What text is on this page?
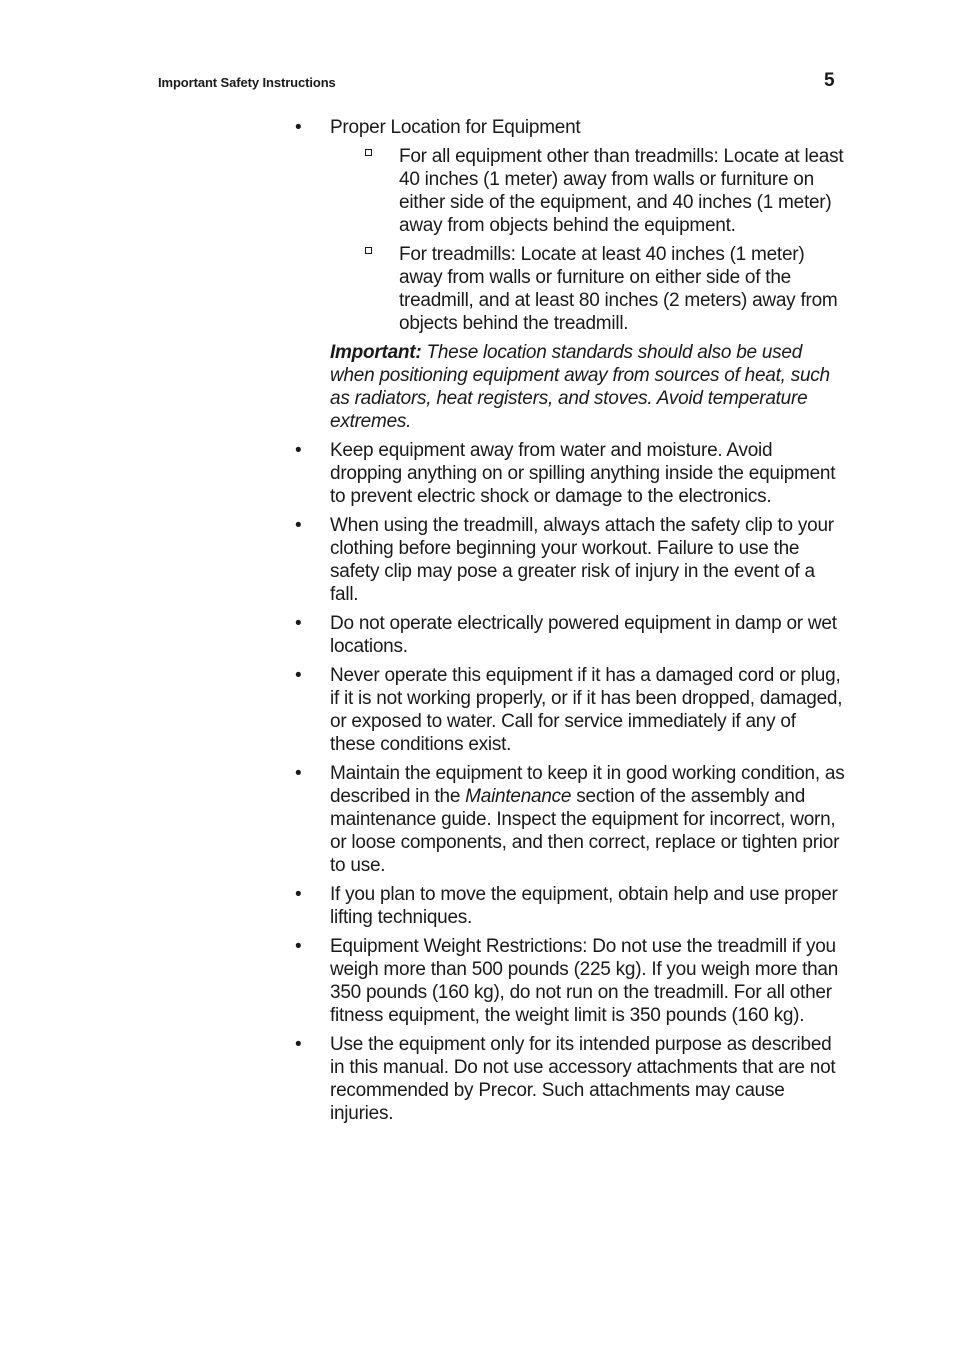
Important Safety Instructions	5
• Proper Location for Equipment
For all equipment other than treadmills: Locate at least 40 inches (1 meter) away from walls or furniture on either side of the equipment, and 40 inches (1 meter) away from objects behind the equipment.
For treadmills: Locate at least 40 inches (1 meter) away from walls or furniture on either side of the treadmill, and at least 80 inches (2 meters) away from objects behind the treadmill.
Important: These location standards should also be used when positioning equipment away from sources of heat, such as radiators, heat registers, and stoves. Avoid temperature extremes.
• Keep equipment away from water and moisture. Avoid dropping anything on or spilling anything inside the equipment to prevent electric shock or damage to the electronics.
• When using the treadmill, always attach the safety clip to your clothing before beginning your workout. Failure to use the safety clip may pose a greater risk of injury in the event of a fall.
• Do not operate electrically powered equipment in damp or wet locations.
• Never operate this equipment if it has a damaged cord or plug, if it is not working properly, or if it has been dropped, damaged, or exposed to water. Call for service immediately if any of these conditions exist.
• Maintain the equipment to keep it in good working condition, as described in the Maintenance section of the assembly and maintenance guide. Inspect the equipment for incorrect, worn, or loose components, and then correct, replace or tighten prior to use.
• If you plan to move the equipment, obtain help and use proper lifting techniques.
• Equipment Weight Restrictions: Do not use the treadmill if you weigh more than 500 pounds (225 kg). If you weigh more than 350 pounds (160 kg), do not run on the treadmill. For all other fitness equipment, the weight limit is 350 pounds (160 kg).
• Use the equipment only for its intended purpose as described in this manual. Do not use accessory attachments that are not recommended by Precor. Such attachments may cause injuries.
